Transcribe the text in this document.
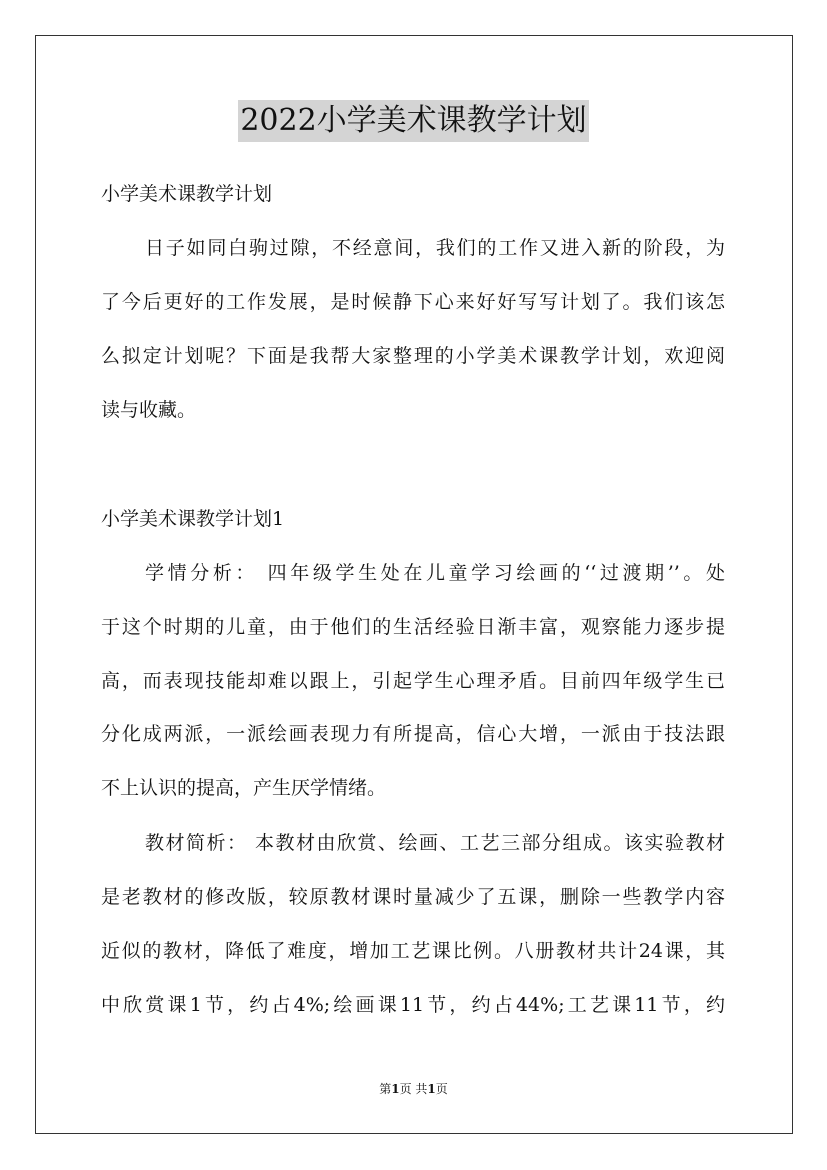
2022小学美术课教学计划
小学美术课教学计划
日子如同白驹过隙，不经意间，我们的工作又进入新的阶段，为
了今后更好的工作发展，是时候静下心来好好写写计划了。我们该怎
么拟定计划呢？下面是我帮大家整理的小学美术课教学计划，欢迎阅
读与收藏。
小学美术课教学计划1
学情分析： 四年级学生处在儿童学习绘画的‘‘过渡期’’。处
于这个时期的儿童，由于他们的生活经验日渐丰富，观察能力逐步提
高，而表现技能却难以跟上，引起学生心理矛盾。目前四年级学生已
分化成两派，一派绘画表现力有所提高，信心大增，一派由于技法跟
不上认识的提高，产生厌学情绪。
教材简析： 本教材由欣赏、绘画、工艺三部分组成。该实验教材
是老教材的修改版，较原教材课时量减少了五课，删除一些教学内容
近似的教材，降低了难度，增加工艺课比例。八册教材共计24课，其
中欣赏课1节，约占4%;绘画课11节，约占44%;工艺课11节，约
第1页 共1页
